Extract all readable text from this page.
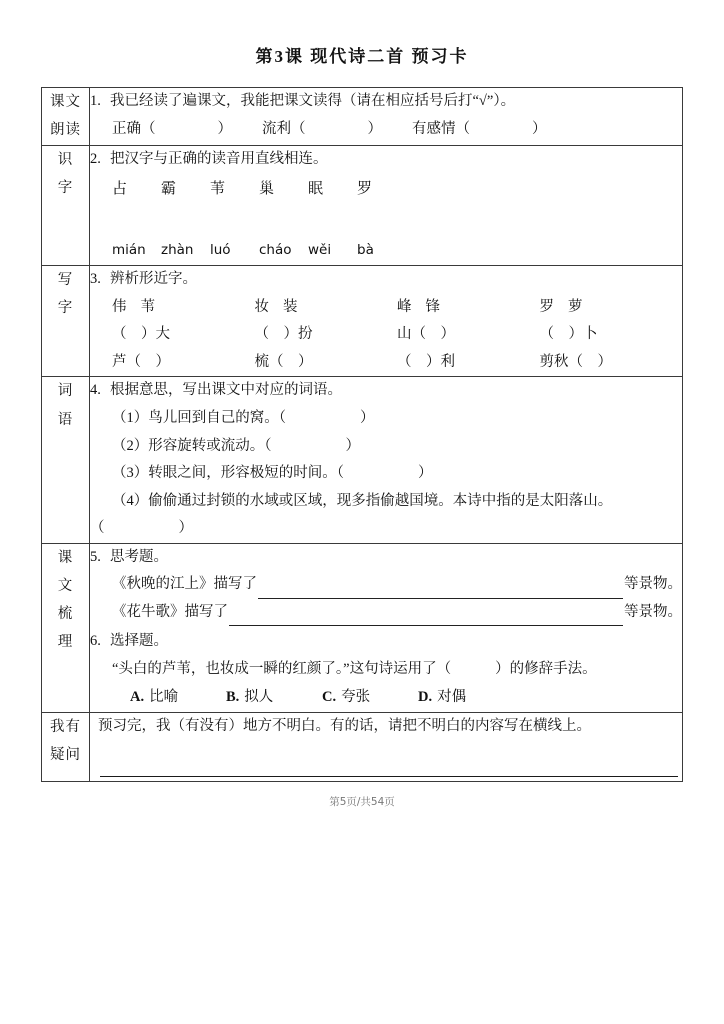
第3课 现代诗二首 预习卡
课文
朗读

1. 我已经读了遍课文，我能把课文读得（请在相应括号后打“√”）。
正确（	） 流利（	） 有感情（	）

识
字

2. 把汉字与正确的读音用直线相连。
占	霸	苇	巢	眠	罗
mián	zhàn	luó	cháo	wěi	bà

写
字

3. 辨析形近字。
伟 苇	妆 装	峰 锋	罗 萝
（　）大	（　）扮	山（　）	（　）卜
芦（　）	梳（　）	（　）利	剪秋（　）

词
语

4. 根据意思，写出课文中对应的词语。
（1）鸟儿回到自己的窝。（	）
（2）形容旋转或流动。（	）
（3）转眼之间，形容极短的时间。（	）
（4）偷偷通过封锁的水域或区域，现多指偷越国境。本诗中指的是太阳落山。
（	）

课
文
梳
理

5. 思考题。
《秋晚的江上》描写了	等景物。
《花牛歌》描写了	等景物。
6. 选择题。
“头白的芦苇，也妆成一瞬的红颜了。”这句诗运用了（	）的修辞手法。
A. 比喻	B. 拟人	C. 夸张	D. 对偶

我有
疑问	预习完，我（有没有）地方不明白。有的话，请把不明白的内容写在横线上。
第5页/共54页
